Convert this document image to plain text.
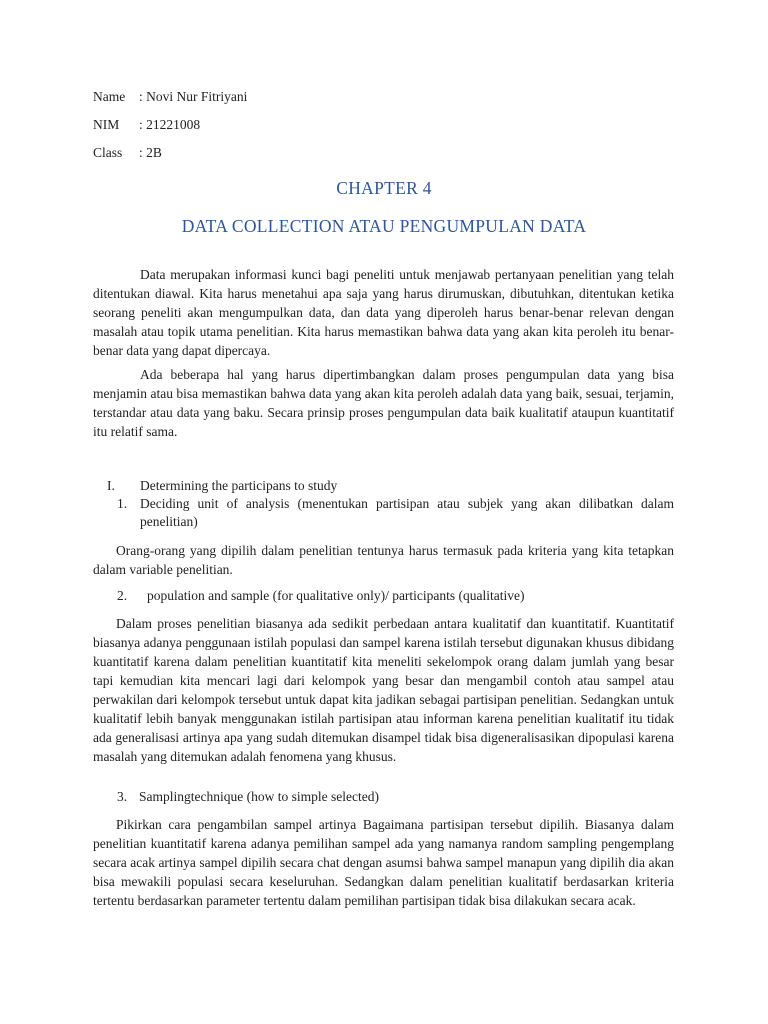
Name : Novi Nur Fitriyani
NIM : 21221008
Class : 2B
CHAPTER 4
DATA COLLECTION ATAU PENGUMPULAN DATA

Data merupakan informasi kunci bagi peneliti untuk menjawab pertanyaan penelitian yang telah ditentukan diawal. Kita harus menetahui apa saja yang harus dirumuskan, dibutuhkan, ditentukan ketika seorang peneliti akan mengumpulkan data, dan data yang diperoleh harus benar-benar relevan dengan masalah atau topik utama penelitian. Kita harus memastikan bahwa data yang akan kita peroleh itu benar-benar data yang dapat dipercaya.

Ada beberapa hal yang harus dipertimbangkan dalam proses pengumpulan data yang bisa menjamin atau bisa memastikan bahwa data yang akan kita peroleh adalah data yang baik, sesuai, terjamin, terstandar atau data yang baku. Secara prinsip proses pengumpulan data baik kualitatif ataupun kuantitatif itu relatif sama.

I. Determining the participans to study
1. Deciding unit of analysis (menentukan partisipan atau subjek yang akan dilibatkan dalam penelitian)

Orang-orang yang dipilih dalam penelitian tentunya harus termasuk pada kriteria yang kita tetapkan dalam variable penelitian.

2. population and sample (for qualitative only)/ participants (qualitative)

Dalam proses penelitian biasanya ada sedikit perbedaan antara kualitatif dan kuantitatif. Kuantitatif biasanya adanya penggunaan istilah populasi dan sampel karena istilah tersebut digunakan khusus dibidang kuantitatif karena dalam penelitian kuantitatif kita meneliti sekelompok orang dalam jumlah yang besar tapi kemudian kita mencari lagi dari kelompok yang besar dan mengambil contoh atau sampel atau perwakilan dari kelompok tersebut untuk dapat kita jadikan sebagai partisipan penelitian. Sedangkan untuk kualitatif lebih banyak menggunakan istilah partisipan atau informan karena penelitian kualitatif itu tidak ada generalisasi artinya apa yang sudah ditemukan disampel tidak bisa digeneralisasikan dipopulasi karena masalah yang ditemukan adalah fenomena yang khusus.

3. Samplingtechnique (how to simple selected)

Pikirkan cara pengambilan sampel artinya Bagaimana partisipan tersebut dipilih. Biasanya dalam penelitian kuantitatif karena adanya pemilihan sampel ada yang namanya random sampling pengemplang secara acak artinya sampel dipilih secara chat dengan asumsi bahwa sampel manapun yang dipilih dia akan bisa mewakili populasi secara keseluruhan. Sedangkan dalam penelitian kualitatif berdasarkan kriteria tertentu berdasarkan parameter tertentu dalam pemilihan partisipan tidak bisa dilakukan secara acak.
